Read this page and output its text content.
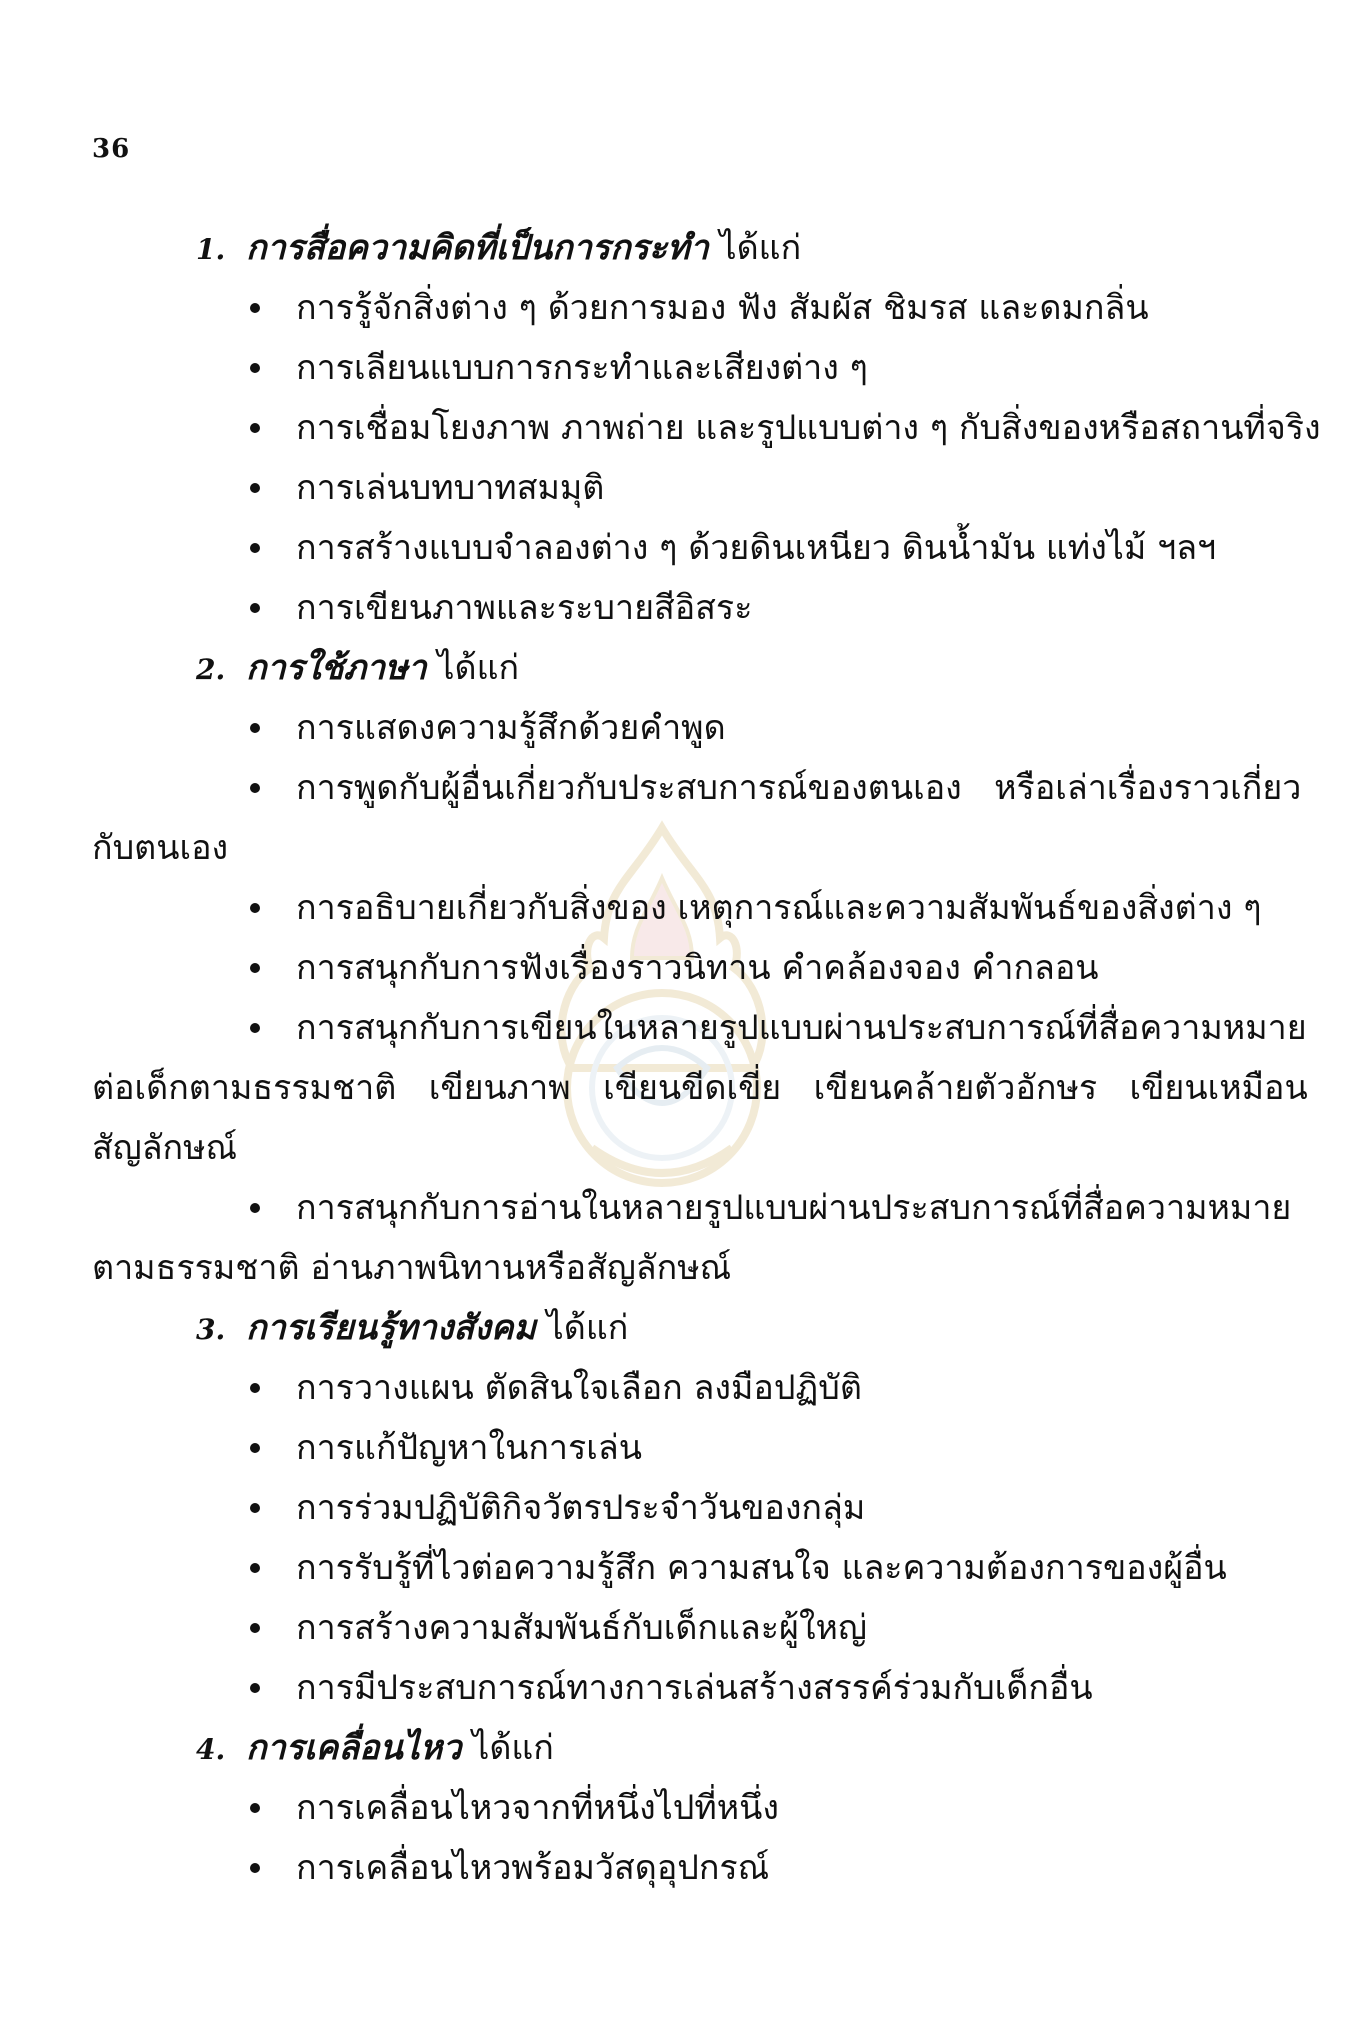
36
1. การสื่อความคิดที่เป็นการกระทำ ได้แก่
การรู้จักสิ่งต่าง ๆ ด้วยการมอง ฟัง สัมผัส ชิมรส และดมกลิ่น
การเลียนแบบการกระทำและเสียงต่าง ๆ
การเชื่อมโยงภาพ ภาพถ่าย และรูปแบบต่าง ๆ กับสิ่งของหรือสถานที่จริง
การเล่นบทบาทสมมุติ
การสร้างแบบจำลองต่าง ๆ ด้วยดินเหนียว ดินน้ำมัน แท่งไม้ ฯลฯ
การเขียนภาพและระบายสีอิสระ
2. การใช้ภาษา ได้แก่
การแสดงความรู้สึกด้วยคำพูด
การพูดกับผู้อื่นเกี่ยวกับประสบการณ์ของตนเอง   หรือเล่าเรื่องราวเกี่ยว
กับตนเอง
การอธิบายเกี่ยวกับสิ่งของ เหตุการณ์และความสัมพันธ์ของสิ่งต่าง ๆ
การสนุกกับการฟังเรื่องราวนิทาน คำคล้องจอง คำกลอน
การสนุกกับการเขียนในหลายรูปแบบผ่านประสบการณ์ที่สื่อความหมาย
ต่อเด็กตามธรรมชาติ   เขียนภาพ   เขียนขีดเขี่ย   เขียนคล้ายตัวอักษร   เขียนเหมือน
สัญลักษณ์
การสนุกกับการอ่านในหลายรูปแบบผ่านประสบการณ์ที่สื่อความหมาย
ตามธรรมชาติ อ่านภาพนิทานหรือสัญลักษณ์
3. การเรียนรู้ทางสังคม ได้แก่
การวางแผน ตัดสินใจเลือก ลงมือปฏิบัติ
การแก้ปัญหาในการเล่น
การร่วมปฏิบัติกิจวัตรประจำวันของกลุ่ม
การรับรู้ที่ไวต่อความรู้สึก ความสนใจ และความต้องการของผู้อื่น
การสร้างความสัมพันธ์กับเด็กและผู้ใหญ่
การมีประสบการณ์ทางการเล่นสร้างสรรค์ร่วมกับเด็กอื่น
4. การเคลื่อนไหว ได้แก่
การเคลื่อนไหวจากที่หนึ่งไปที่หนึ่ง
การเคลื่อนไหวพร้อมวัสดุอุปกรณ์
